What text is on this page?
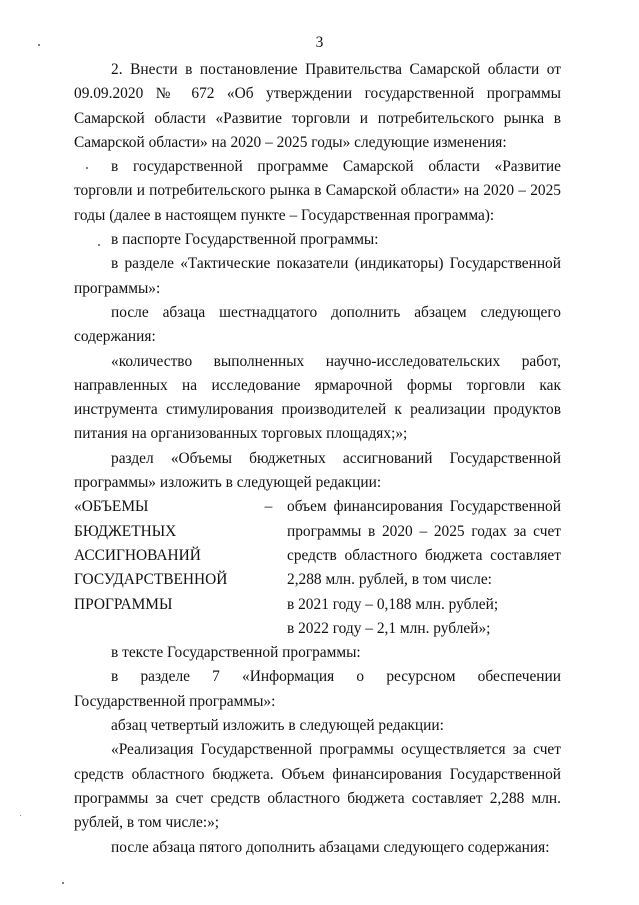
3

2. Внести в постановление Правительства Самарской области от 09.09.2020 № 672 «Об утверждении государственной программы Самарской области «Развитие торговли и потребительского рынка в Самарской области» на 2020 – 2025 годы» следующие изменения:

в государственной программе Самарской области «Развитие торговли и потребительского рынка в Самарской области» на 2020 – 2025 годы (далее в настоящем пункте – Государственная программа):

в паспорте Государственной программы:

в разделе «Тактические показатели (индикаторы) Государственной программы»:

после абзаца шестнадцатого дополнить абзацем следующего содержания:

«количество выполненных научно-исследовательских работ, направленных на исследование ярмарочной формы торговли как инструмента стимулирования производителей к реализации продуктов питания на организованных торговых площадях;»;

раздел «Объемы бюджетных ассигнований Государственной программы» изложить в следующей редакции:

«ОБЪЕМЫ
БЮДЖЕТНЫХ
АССИГНОВАНИЙ
ГОСУДАРСТВЕННОЙ
ПРОГРАММЫ
– объем финансирования Государственной программы в 2020 – 2025 годах за счет средств областного бюджета составляет 2,288 млн. рублей, в том числе:

в 2021 году – 0,188 млн. рублей;

в 2022 году – 2,1 млн. рублей»;

в тексте Государственной программы:

в разделе 7 «Информация о ресурсном обеспечении Государственной программы»:

абзац четвертый изложить в следующей редакции:

«Реализация Государственной программы осуществляется за счет средств областного бюджета. Объем финансирования Государственной программы за счет средств областного бюджета составляет 2,288 млн. рублей, в том числе:»;

после абзаца пятого дополнить абзацами следующего содержания:
